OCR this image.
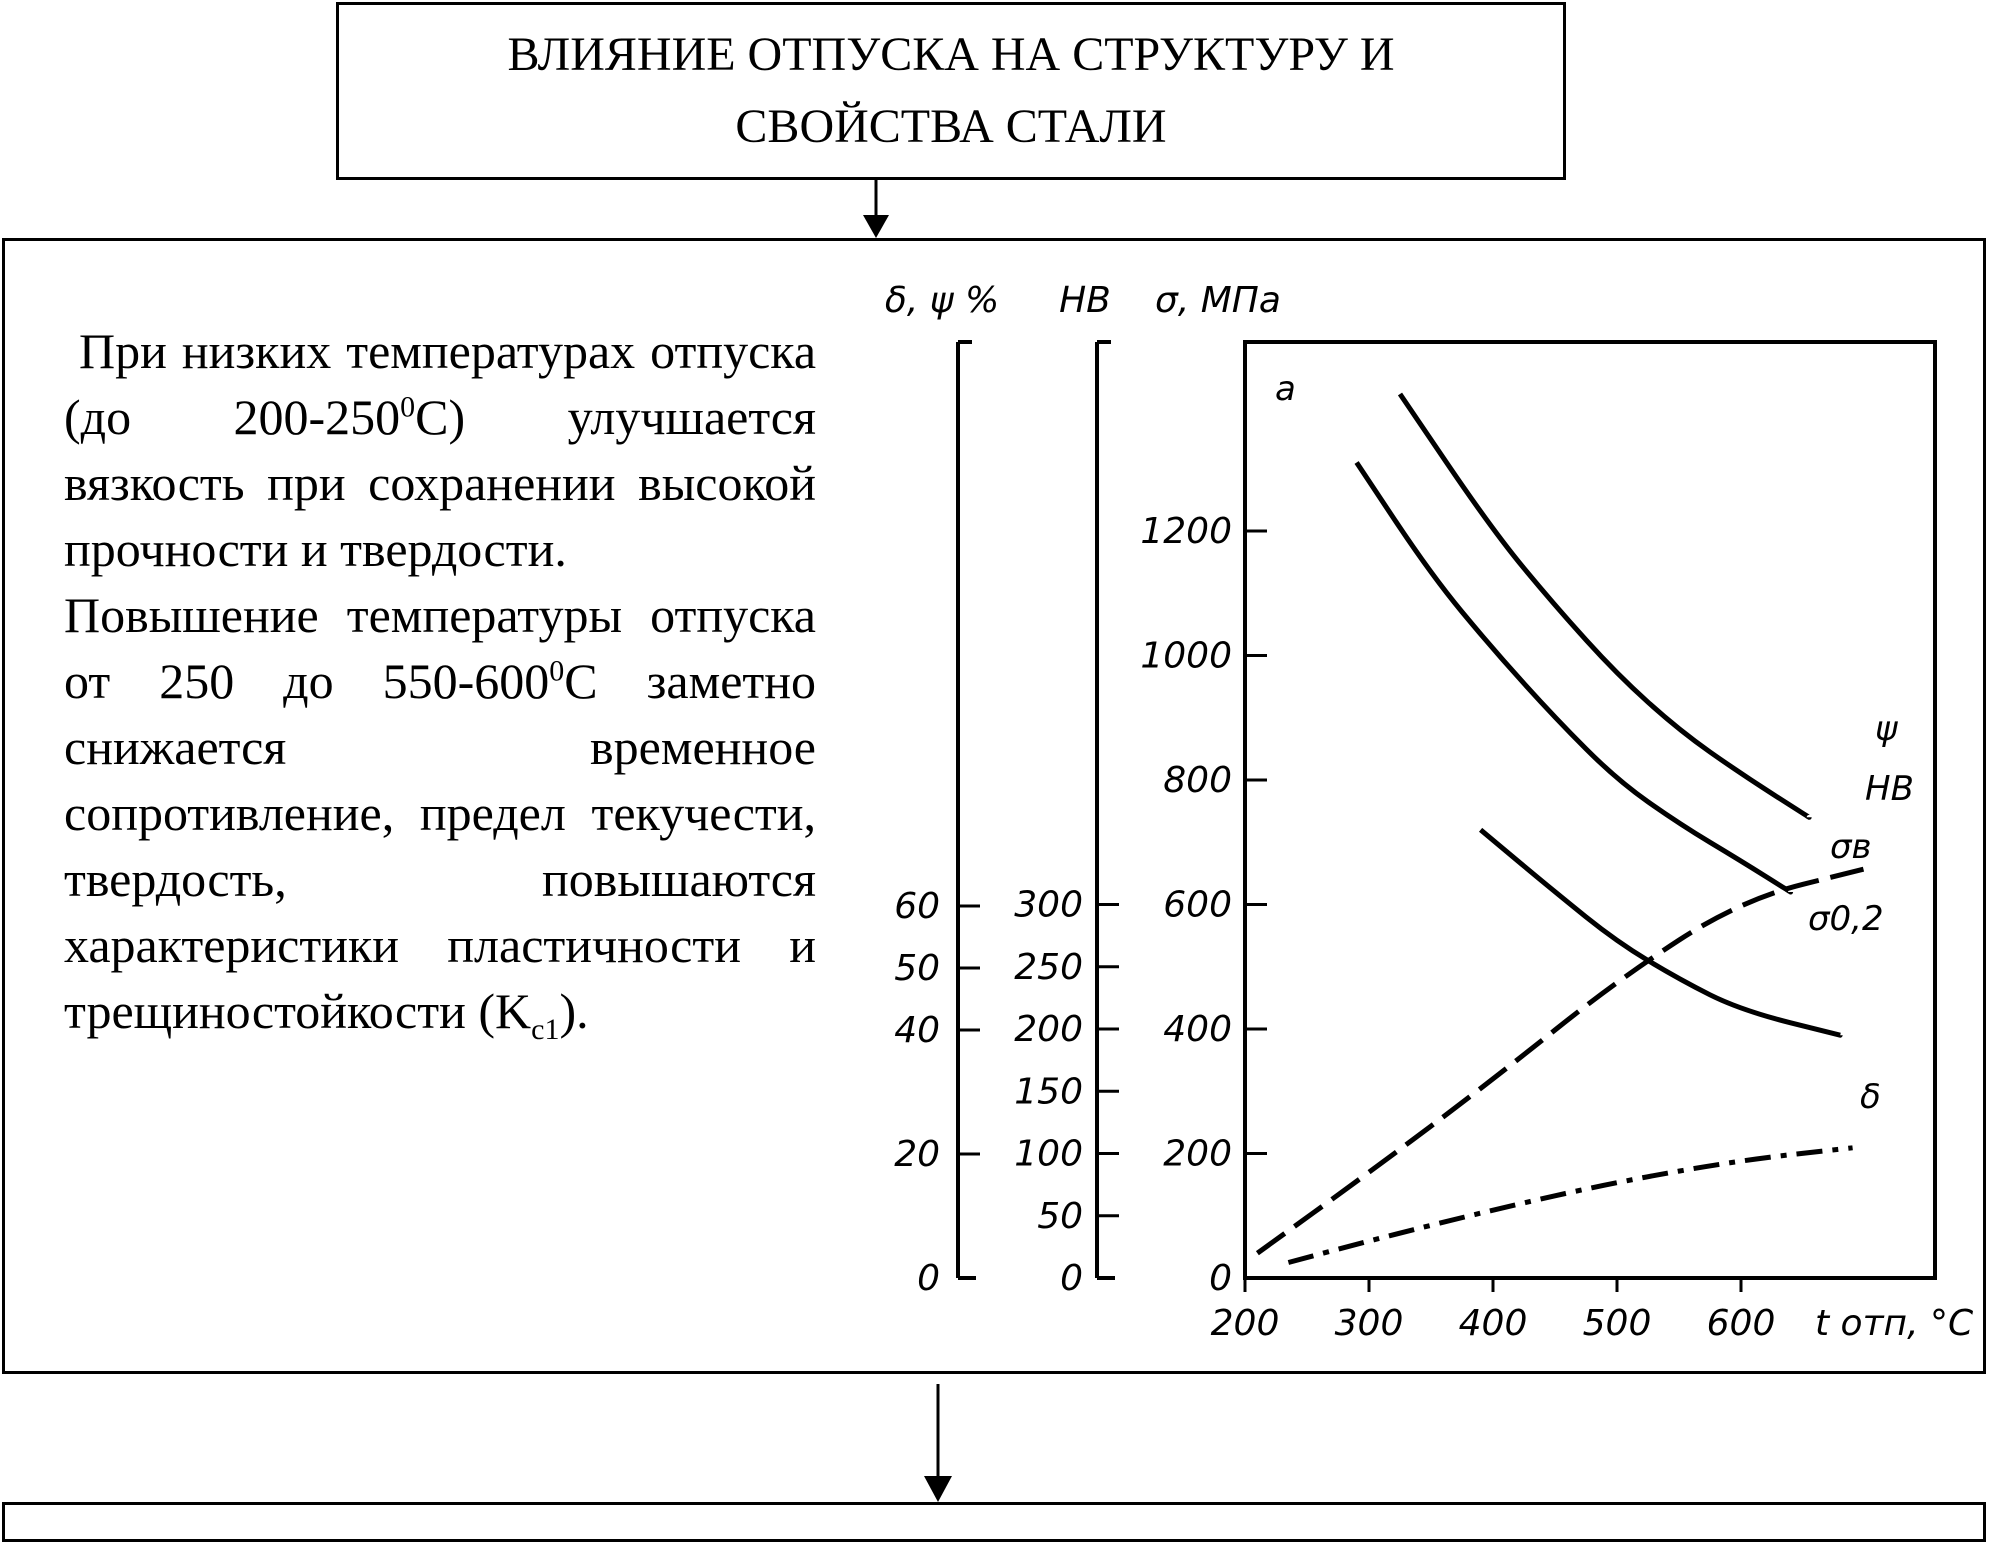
ВЛИЯНИЕ ОТПУСКА НА СТРУКТУРУ И
СВОЙСТВА СТАЛИ

При низких температурах отпуска (до $200-250^0С$) улучшается вязкость при сохранении высокой прочности и твердости.

Повышение температуры отпуска от 250 до $550-600^0С$ заметно снижается временное сопротивление, предел текучести, твердость, повышаются характеристики пластичности и трещиностойкости $(K_{c1})$.

a
200 300 400 500 600 t отп, °C
δ, ψ %
0
20
40
50
60
HB
0
50
100
150
200
250
300
σ, МПа
0
200
400
600
800
1000
1200
HB
σв
σ0,2
ψ
δ
